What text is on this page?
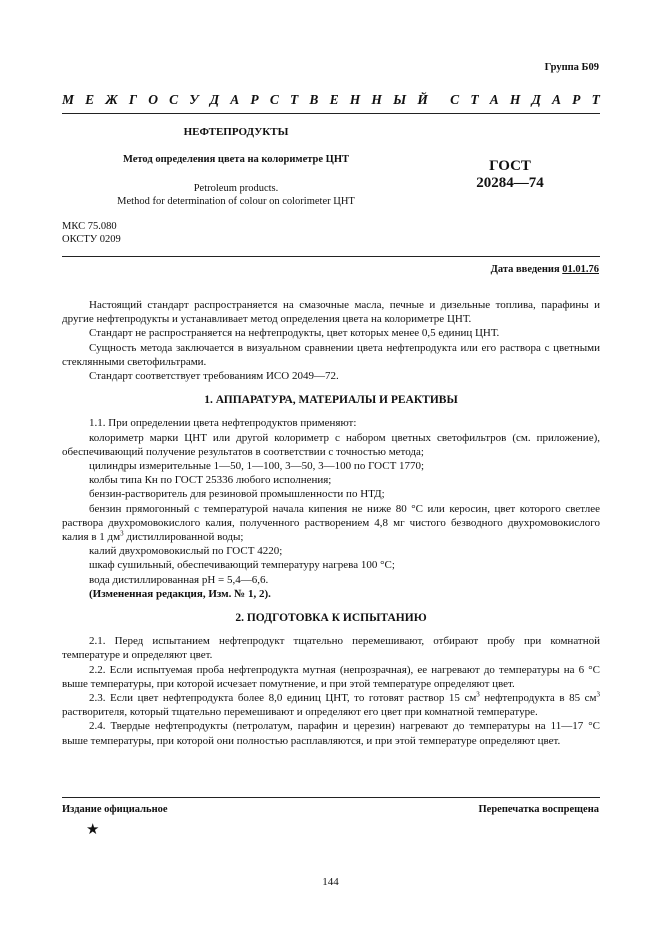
Группа Б09
М Е Ж Г О С У Д А Р С Т В Е Н Н Ы Й С Т А Н Д А Р Т
НЕФТЕПРОДУКТЫ
Метод определения цвета на колориметре ЦНТ
Petroleum products.
Method for determination of colour on colorimeter ЦНТ
ГОСТ
20284—74
МКС 75.080
ОКСТУ 0209
Дата введения 01.01.76

Настоящий стандарт распространяется на смазочные масла, печные и дизельные топлива, парафины и другие нефтепродукты и устанавливает метод определения цвета на колориметре ЦНТ.

Стандарт не распространяется на нефтепродукты, цвет которых менее 0,5 единиц ЦНТ.

Сущность метода заключается в визуальном сравнении цвета нефтепродукта или его раствора с цветными стеклянными светофильтрами.

Стандарт соответствует требованиям ИСО 2049—72.

1. АППАРАТУРА, МАТЕРИАЛЫ И РЕАКТИВЫ

1.1. При определении цвета нефтепродуктов применяют:

колориметр марки ЦНТ или другой колориметр с набором цветных светофильтров (см. приложение), обеспечивающий получение результатов в соответствии с точностью метода;

цилиндры измерительные 1—50, 1—100, 3—50, 3—100 по ГОСТ 1770;

колбы типа Кн по ГОСТ 25336 любого исполнения;

бензин-растворитель для резиновой промышленности по НТД;

бензин прямогонный с температурой начала кипения не ниже 80 °С или керосин, цвет которого светлее раствора двухромовокислого калия, полученного растворением 4,8 мг чистого безводного двухромовокислого калия в 1 $дм^3$ дистиллированной воды;

калий двухромовокислый по ГОСТ 4220;

шкаф сушильный, обеспечивающий температуру нагрева 100 °С;

вода дистиллированная рН = 5,4—6,6.

(Измененная редакция, Изм. № 1, 2).

2. ПОДГОТОВКА К ИСПЫТАНИЮ

2.1. Перед испытанием нефтепродукт тщательно перемешивают, отбирают пробу при комнатной температуре и определяют цвет.

2.2. Если испытуемая проба нефтепродукта мутная (непрозрачная), ее нагревают до температуры на 6 °С выше температуры, при которой исчезает помутнение, и при этой температуре определяют цвет.

2.3. Если цвет нефтепродукта более 8,0 единиц ЦНТ, то готовят раствор 15 $см^3$ нефтепродукта в 85 $см^3$ растворителя, который тщательно перемешивают и определяют его цвет при комнатной температуре.

2.4. Твердые нефтепродукты (петролатум, парафин и церезин) нагревают до температуры на 11—17 °С выше температуры, при которой они полностью расплавляются, и при этой температуре определяют цвет.

Издание официальное	Перепечатка воспрещена
★
144
